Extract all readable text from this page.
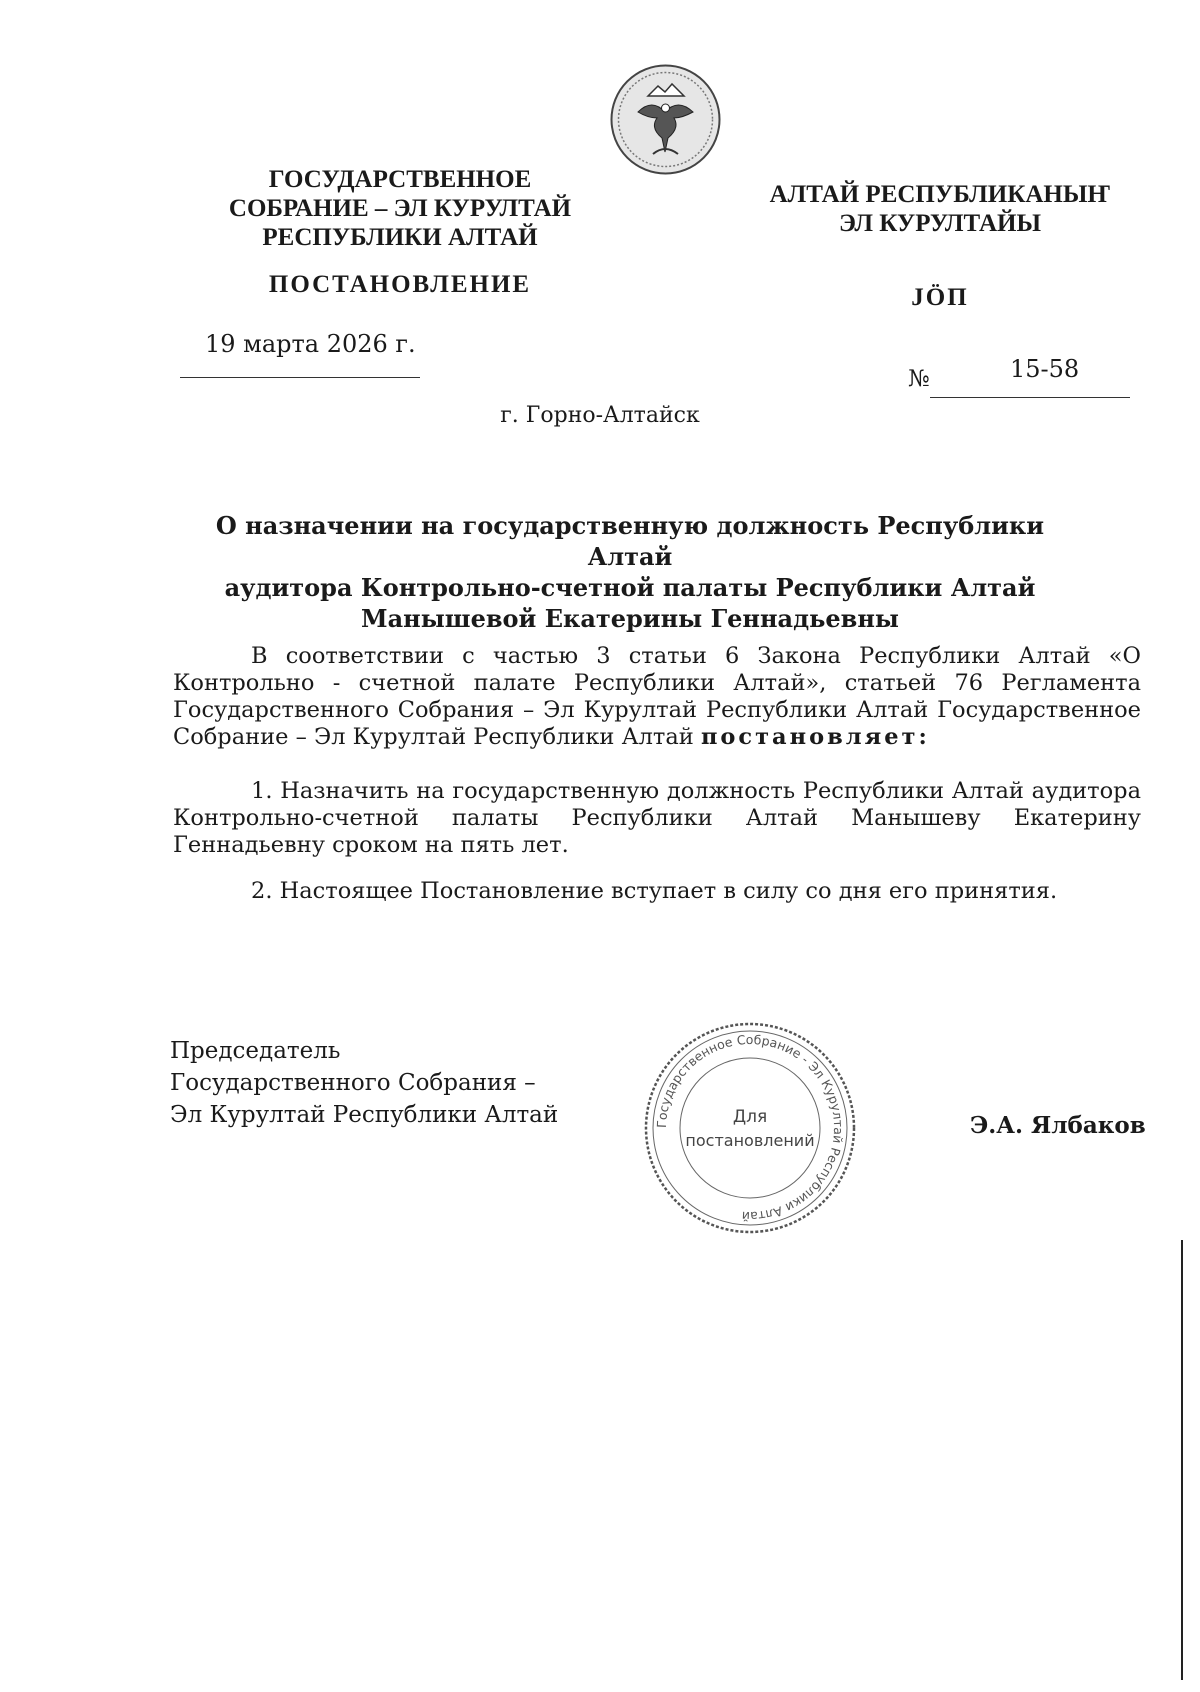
ГОСУДАРСТВЕННОЕ
СОБРАНИЕ – ЭЛ КУРУЛТАЙ
РЕСПУБЛИКИ АЛТАЙ
ПОСТАНОВЛЕНИЕ
АЛТАЙ РЕСПУБЛИКАНЫҤ
ЭЛ КУРУЛТАЙЫ
ЈÖП
19 марта 2026 г.
№	15-58
г. Горно-Алтайск
О назначении на государственную должность Республики Алтай
аудитора Контрольно-счетной палаты Республики Алтай
Манышевой Екатерины Геннадьевны
В соответствии с частью 3 статьи 6 Закона Республики Алтай «О Контрольно - счетной палате Республики Алтай», статьей 76 Регламента Государственного Собрания – Эл Курултай Республики Алтай Государственное Собрание – Эл Курултай Республики Алтай постановляет:
1. Назначить на государственную должность Республики Алтай аудитора Контрольно-счетной палаты Республики Алтай Манышеву Екатерину Геннадьевну сроком на пять лет.
2. Настоящее Постановление вступает в силу со дня его принятия.
Председатель
Государственного Собрания –
Эл Курултай Республики Алтай	Э.А. Ялбаков
Государственное Собрание - Эл Курултай Республики Алтай
Для
постановлений
